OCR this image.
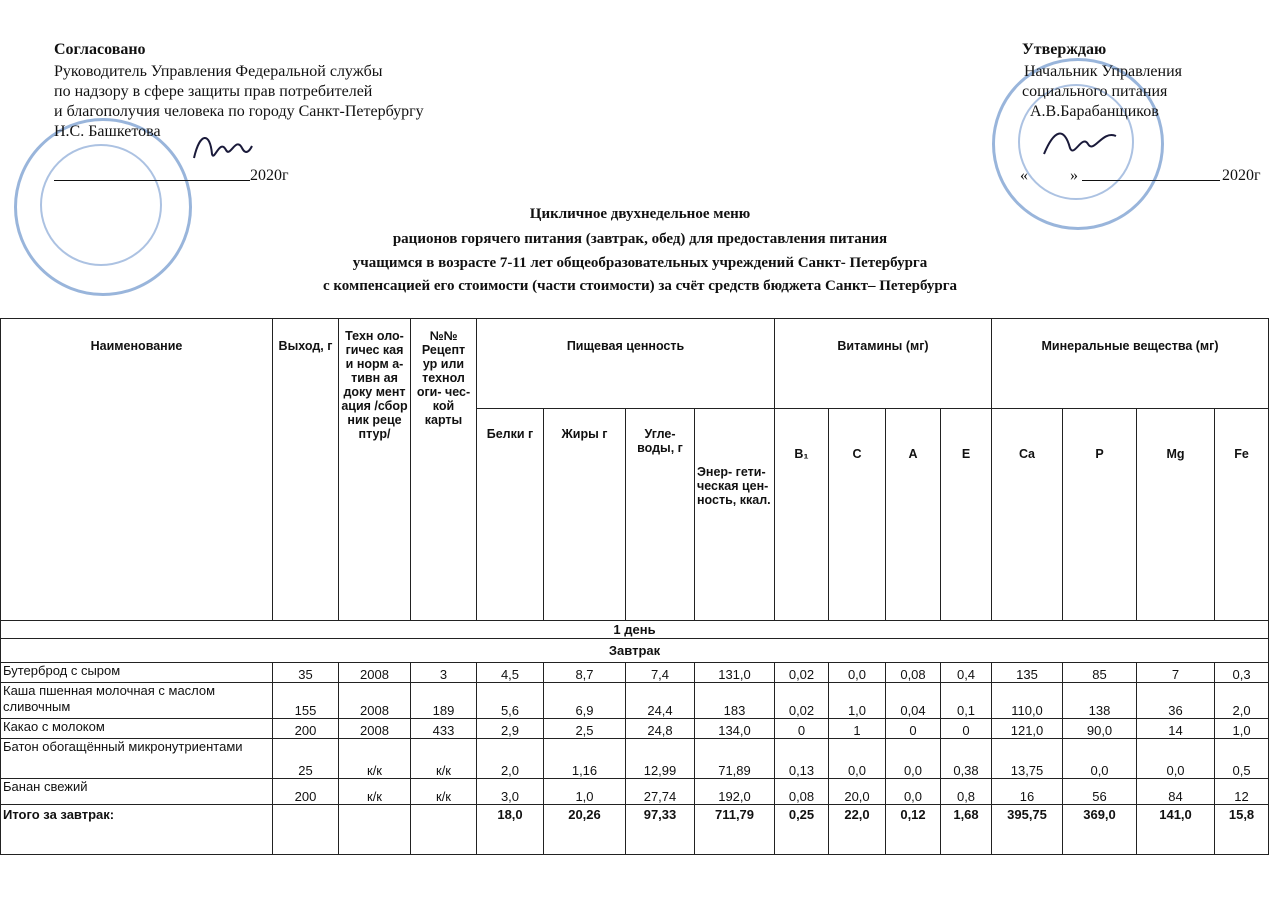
Согласовано
Руководитель Управления Федеральной службы
по надзору в сфере защиты прав потребителей
и благополучия человека по городу Санкт-Петербургу
Н.С. Башкетова
2020г
Утверждаю
Начальник Управления
социального питания
А.В.Барабанщиков
«	»	2020г
Цикличное двухнедельное меню
рационов горячего питания (завтрак, обед) для предоставления питания
учащимся в возрасте 7-11 лет общеобразовательных учреждений Санкт- Петербурга
с компенсацией его стоимости (части стоимости) за счёт средств бюджета Санкт– Петербурга
Наименование	Выход, г	Техн оло- гичес кая и норм а- тивн ая доку мент ация /сбор ник реце птур/	№№ Рецепт ур или технол оги- чес- кой карты	Пищевая ценность				Витамины (мг)				Минеральные вещества (мг)			
				Белки г	Жиры г	Угле- воды, г	Энер- гети- ческая цен- ность, ккал.	B₁	C	A	E	Ca	P	Mg	Fe
1 день															
Завтрак															
Бутерброд с сыром	35	2008	3	4,5	8,7	7,4	131,0	0,02	0,0	0,08	0,4	135	85	7	0,3
Каша пшенная молочная с маслом сливочным	155	2008	189	5,6	6,9	24,4	183	0,02	1,0	0,04	0,1	110,0	138	36	2,0
Какао с молоком	200	2008	433	2,9	2,5	24,8	134,0	0	1	0	0	121,0	90,0	14	1,0
Батон обогащённый микронутриентами	25	к/к	к/к	2,0	1,16	12,99	71,89	0,13	0,0	0,0	0,38	13,75	0,0	0,0	0,5
Банан свежий	200	к/к	к/к	3,0	1,0	27,74	192,0	0,08	20,0	0,0	0,8	16	56	84	12
Итого за завтрак:				18,0	20,26	97,33	711,79	0,25	22,0	0,12	1,68	395,75	369,0	141,0	15,8
